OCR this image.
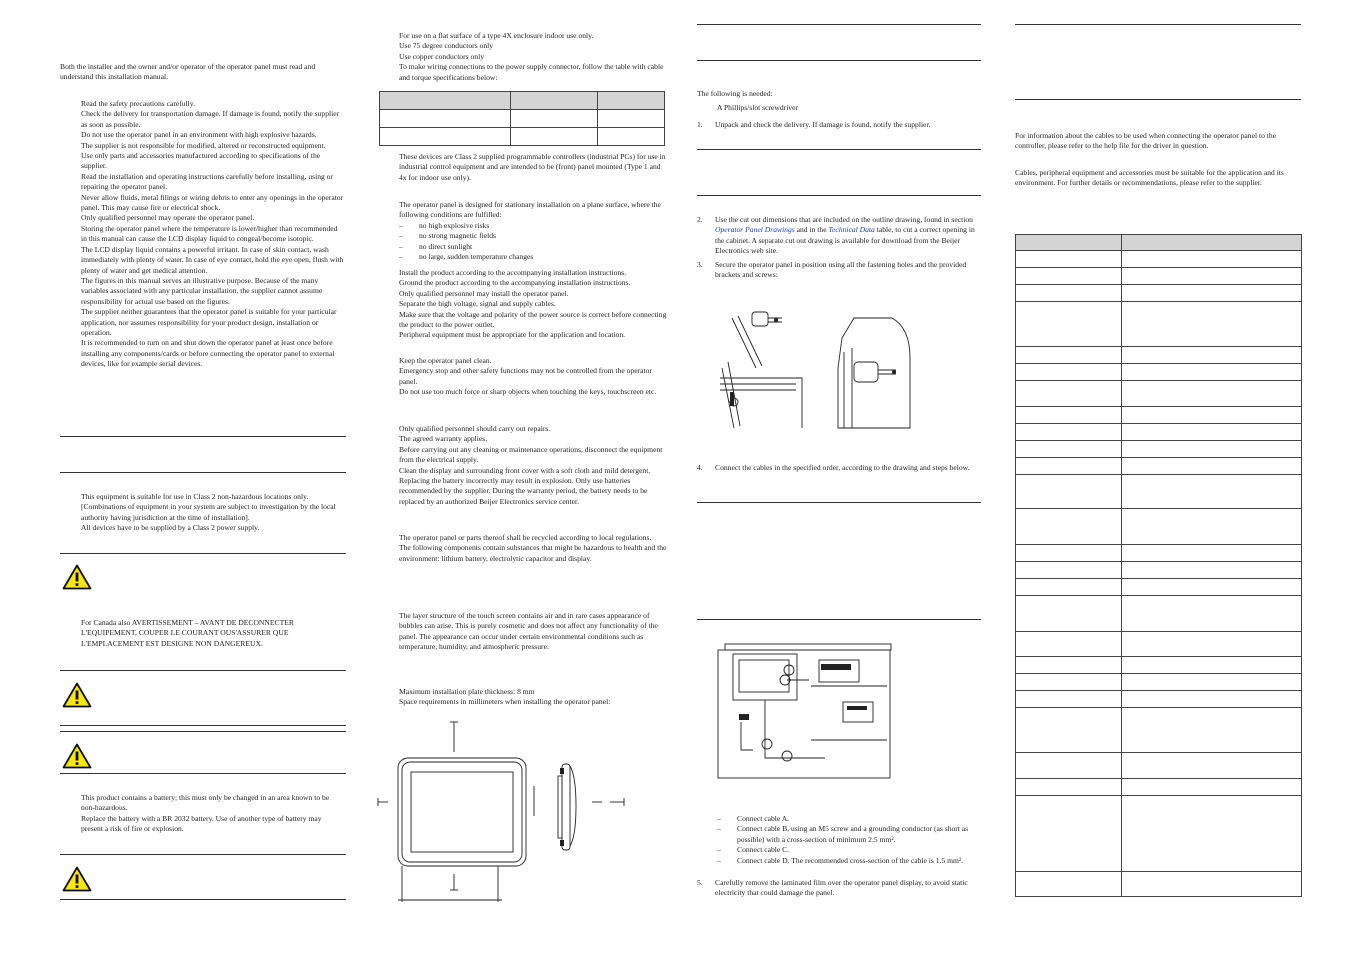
Both the installer and the owner and/or operator of the operator panel must read and understand this installation manual.

Read the safety precautions carefully.
Check the delivery for transportation damage. If damage is found, notify the supplier as soon as possible.
Do not use the operator panel in an environment with high explosive hazards.
The supplier is not responsible for modified, altered or reconstructed equipment.
Use only parts and accessories manufactured according to specifications of the supplier.
Read the installation and operating instructions carefully before installing, using or repairing the operator panel.
Never allow fluids, metal filings or wiring debris to enter any openings in the operator panel. This may cause fire or electrical shock.
Only qualified personnel may operate the operator panel.
Storing the operator panel where the temperature is lower/higher than recommended in this manual can cause the LCD display liquid to congeal/become isotopic.
The LCD display liquid contains a powerful irritant. In case of skin contact, wash immediately with plenty of water. In case of eye contact, hold the eye open, flush with plenty of water and get medical attention.
The figures in this manual serves an illustrative purpose. Because of the many variables associated with any particular installation, the supplier cannot assume responsibility for actual use based on the figures.
The supplier neither guarantees that the operator panel is suitable for your particular application, nor assumes responsibility for your product design, installation or operation.
It is recommended to turn on and shut down the operator panel at least once before installing any components/cards or before connecting the operator panel to external devices, like for example serial devices.

This equipment is suitable for use in Class 2 non-hazardous locations only. [Combinations of equipment in your system are subject to investigation by the local authority having jurisdiction at the time of installation].
All devices have to be supplied by a Class 2 power supply.

For Canada also AVERTISSEMENT – AVANT DE DECONNECTER L'EQUIPEMENT, COUPER LE COURANT OUS'ASSURER QUE L'EMPLACEMENT EST DESIGNE NON DANGEREUX.

This product contains a battery; this must only be changed in an area known to be non-hazardous.
Replace the battery with a BR 2032 battery. Use of another type of battery may present a risk of fire or explosion.

For use on a flat surface of a type 4X enclosure indoor use only.
Use 75 degree conductors only
Use copper conductors only
To make wiring connections to the power supply connector, follow the table with cable and torque specifications below:

These devices are Class 2 supplied programmable controllers (industrial PCs) for use in industrial control equipment and are intended to be (front) panel mounted (Type 1 and 4x for indoor use only).

The operator panel is designed for stationary installation on a plane surface, where the following conditions are fulfilled:

– no high explosive risks
– no strong magnetic fields
– no direct sunlight
– no large, sudden temperature changes

Install the product according to the accompanying installation instructions.
Ground the product according to the accompanying installation instructions.
Only qualified personnel may install the operator panel.
Separate the high voltage, signal and supply cables.
Make sure that the voltage and polarity of the power source is correct before connecting the product to the power outlet.
Peripheral equipment must be appropriate for the application and location.

Keep the operator panel clean.
Emergency stop and other safety functions may not be controlled from the operator panel.
Do not use too much force or sharp objects when touching the keys, touchscreen etc.

Only qualified personnel should carry out repairs.
The agreed warranty applies.
Before carrying out any cleaning or maintenance operations, disconnect the equipment from the electrical supply.
Clean the display and surrounding front cover with a soft cloth and mild detergent.
Replacing the battery incorrectly may result in explosion. Only use batteries recommended by the supplier. During the warranty period, the battery needs to be replaced by an authorized Beijer Electronics service center.

The operator panel or parts thereof shall be recycled according to local regulations.
The following components contain substances that might be hazardous to health and the environment: lithium battery, electrolytic capacitor and display.

The layer structure of the touch screen contains air and in rare cases appearance of bubbles can arise. This is purely cosmetic and does not affect any functionality of the panel. The appearance can occur under certain environmental conditions such as temperature, humidity, and atmospheric pressure.

Maximum installation plate thickness: 8 mm
Space requirements in millimeters when installing the operator panel:

The following is needed:

A Phillips/slot screwdriver

1. Unpack and check the delivery. If damage is found, notify the supplier.
2. Use the cut out dimensions that are included on the outline drawing, found in section Operator Panel Drawings and in the Technical Data table, to cut a correct opening in the cabinet. A separate cut out drawing is available for download from the Beijer Electronics web site.
3. Secure the operator panel in position using all the fastening holes and the provided brackets and screws:
4. Connect the cables in the specified order, according to the drawing and steps below.
– Connect cable A.
– Connect cable B, using an M5 screw and a grounding conductor (as short as possible) with a cross-section of minimum 2.5 mm².
– Connect cable C.
– Connect cable D. The recommended cross-section of the cable is 1.5 mm².
5. Carefully remove the laminated film over the operator panel display, to avoid static electricity that could damage the panel.

For information about the cables to be used when connecting the operator panel to the controller, please refer to the help file for the driver in question.

Cables, peripheral equipment and accessories must be suitable for the application and its environment. For further details or recommendations, please refer to the supplier.
